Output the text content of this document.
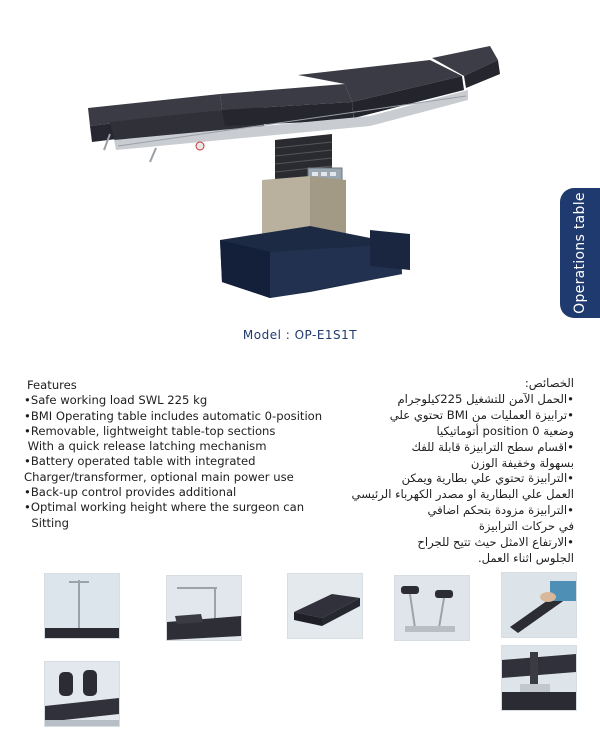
Operations table
Model : OP-E1S1T
Features
•Safe working load SWL 225 kg
•BMI Operating table includes automatic 0-position
•Removable, lightweight table-top sections
With a quick release latching mechanism
•Battery operated table with integrated
Charger/transformer, optional main power use
•Back-up control provides additional
•Optimal working height where the surgeon can
Sitting
الخصائص:
•الحمل الآمن للتشغيل 225كيلوجرام
•ترابيزة العمليات من BMI تحتوي علي
وضعية 0 position أتوماتيكيا
•اقسام سطح الترابيزة قابلة للفك
بسهولة وخفيفة الوزن
•الترابيزة تحتوي علي بطارية ويمكن
العمل علي البطارية او مصدر الكهرباء الرئيسي
•الترابيزة مزودة بتحكم اضافي
في حركات الترابيزة
•الارتفاع الامثل حيث تتيح للجراح
الجلوس اثناء العمل.
